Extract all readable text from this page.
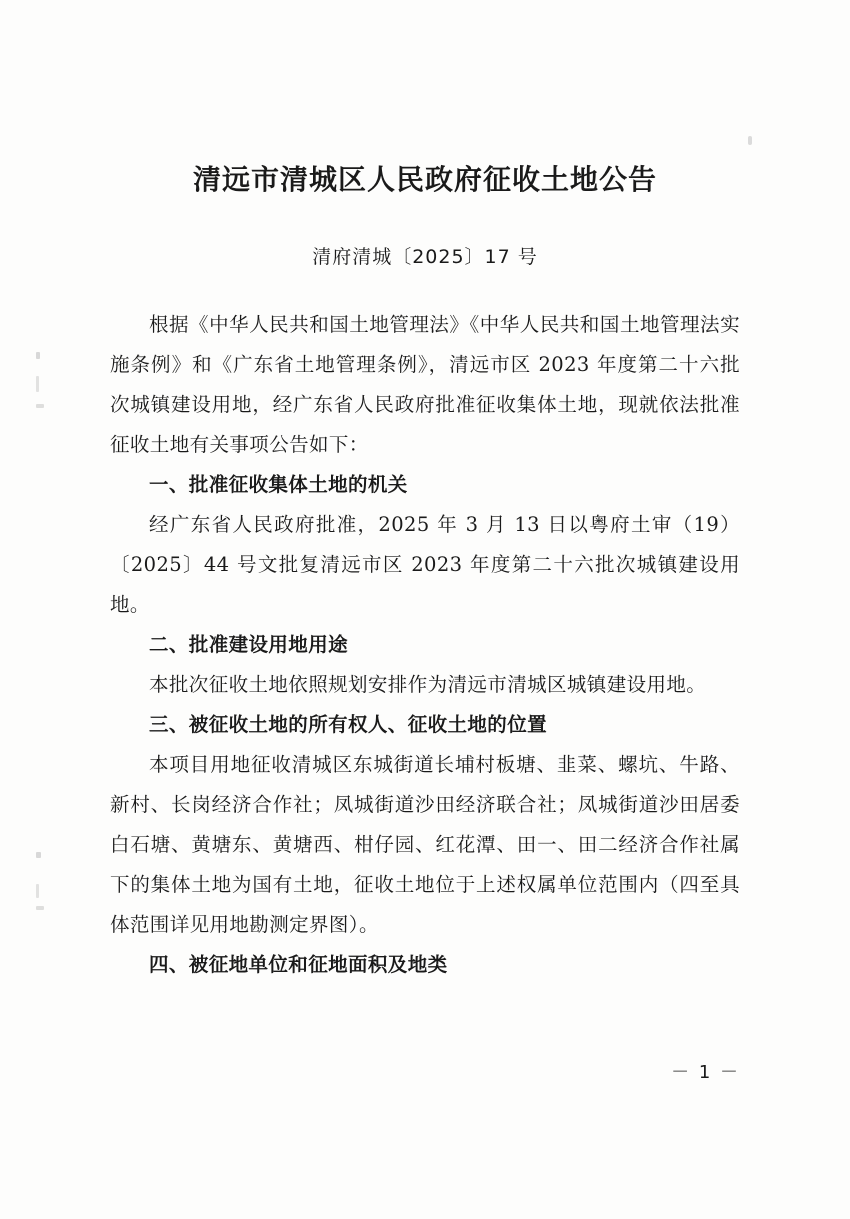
清远市清城区人民政府征收土地公告
清府清城〔2025〕17 号

根据《中华人民共和国土地管理法》《中华人民共和国土地管理法实施条例》和《广东省土地管理条例》，清远市区 2023 年度第二十六批次城镇建设用地，经广东省人民政府批准征收集体土地，现就依法批准征收土地有关事项公告如下：

一、批准征收集体土地的机关

经广东省人民政府批准，2025 年 3 月 13 日以粤府土审（19）〔2025〕44 号文批复清远市区 2023 年度第二十六批次城镇建设用地。

二、批准建设用地用途

本批次征收土地依照规划安排作为清远市清城区城镇建设用地。

三、被征收土地的所有权人、征收土地的位置

本项目用地征收清城区东城街道长埔村板塘、韭菜、螺坑、牛路、新村、长岗经济合作社；凤城街道沙田经济联合社；凤城街道沙田居委白石塘、黄塘东、黄塘西、柑仔园、红花潭、田一、田二经济合作社属下的集体土地为国有土地，征收土地位于上述权属单位范围内（四至具体范围详见用地勘测定界图）。

四、被征地单位和征地面积及地类

－ 1 －
